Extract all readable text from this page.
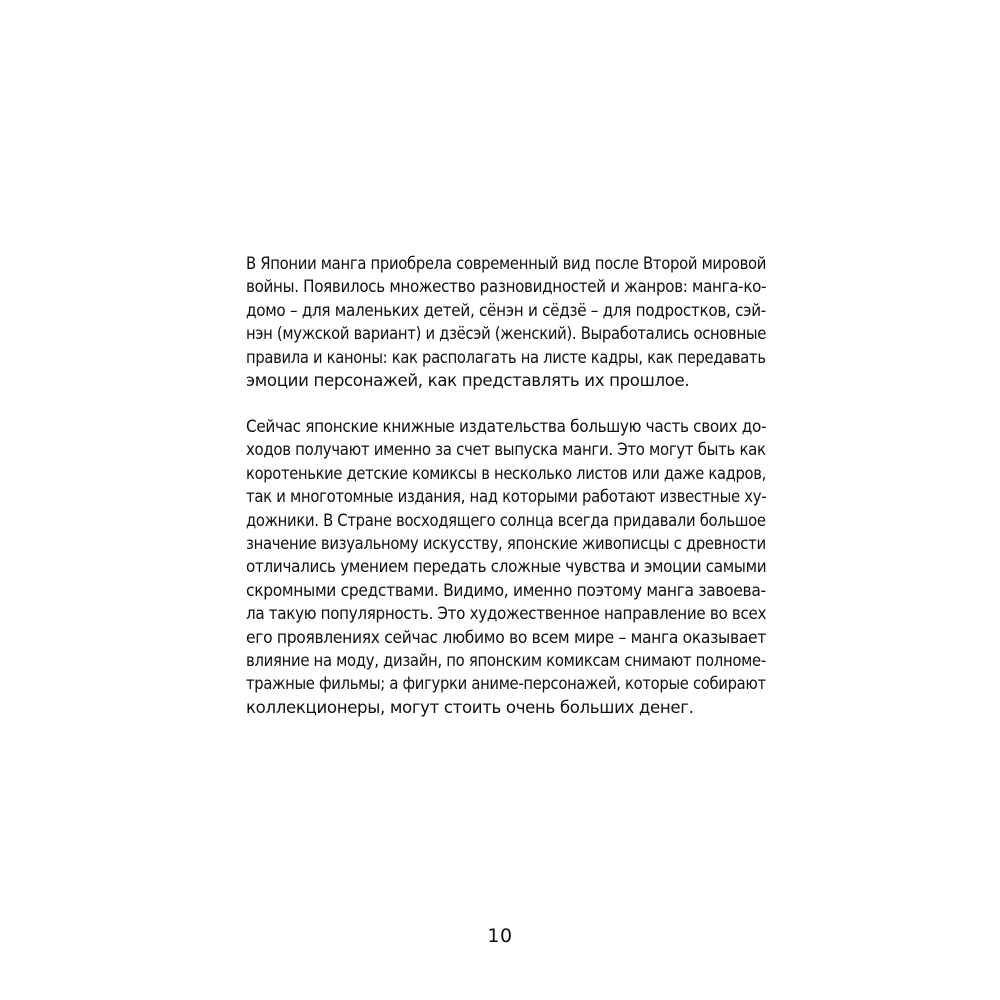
В Японии манга приобрела современный вид после Второй мировой
войны. Появилось множество разновидностей и жанров: манга-ко-
домо – для маленьких детей, сёнэн и сёдзё – для подростков, сэй-
нэн (мужской вариант) и дзёсэй (женский). Выработались основные
правила и каноны: как располагать на листе кадры, как передавать
эмоции персонажей, как представлять их прошлое.
Сейчас японские книжные издательства большую часть своих до-
ходов получают именно за счет выпуска манги. Это могут быть как
коротенькие детские комиксы в несколько листов или даже кадров,
так и многотомные издания, над которыми работают известные ху-
дожники. В Стране восходящего солнца всегда придавали большое
значение визуальному искусству, японские живописцы с древности
отличались умением передать сложные чувства и эмоции самыми
скромными средствами. Видимо, именно поэтому манга завоева-
ла такую популярность. Это художественное направление во всех
его проявлениях сейчас любимо во всем мире – манга оказывает
влияние на моду, дизайн, по японским комиксам снимают полноме-
тражные фильмы; а фигурки аниме-персонажей, которые собирают
коллекционеры, могут стоить очень больших денег.
10
